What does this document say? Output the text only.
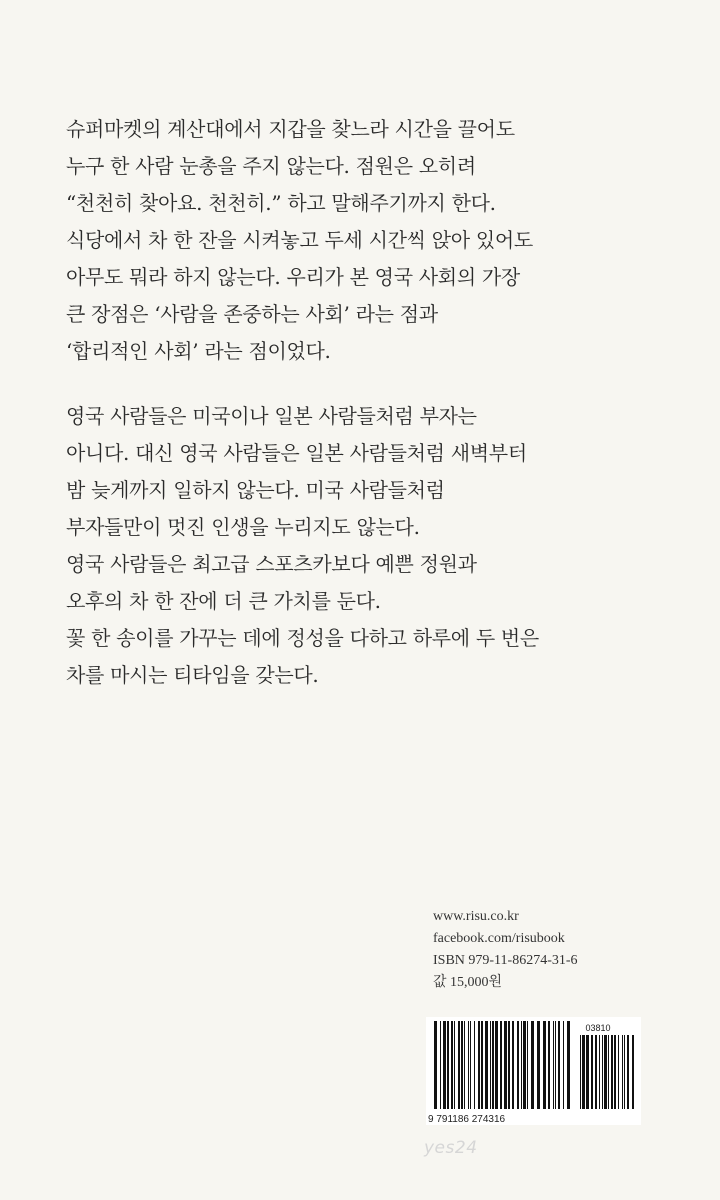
슈퍼마켓의 계산대에서 지갑을 찾느라 시간을 끌어도
누구 한 사람 눈총을 주지 않는다. 점원은 오히려
“천천히 찾아요. 천천히.” 하고 말해주기까지 한다.
식당에서 차 한 잔을 시켜놓고 두세 시간씩 앉아 있어도
아무도 뭐라 하지 않는다. 우리가 본 영국 사회의 가장
큰 장점은 ‘사람을 존중하는 사회’ 라는 점과
‘합리적인 사회’ 라는 점이었다.
영국 사람들은 미국이나 일본 사람들처럼 부자는
아니다. 대신 영국 사람들은 일본 사람들처럼 새벽부터
밤 늦게까지 일하지 않는다. 미국 사람들처럼
부자들만이 멋진 인생을 누리지도 않는다.
영국 사람들은 최고급 스포츠카보다 예쁜 정원과
오후의 차 한 잔에 더 큰 가치를 둔다.
꽃 한 송이를 가꾸는 데에 정성을 다하고 하루에 두 번은
차를 마시는 티타임을 갖는다.
www.risu.co.kr
facebook.com/risubook
ISBN 979-11-86274-31-6
값 15,000원
03810
9 791186 274316
yes24
